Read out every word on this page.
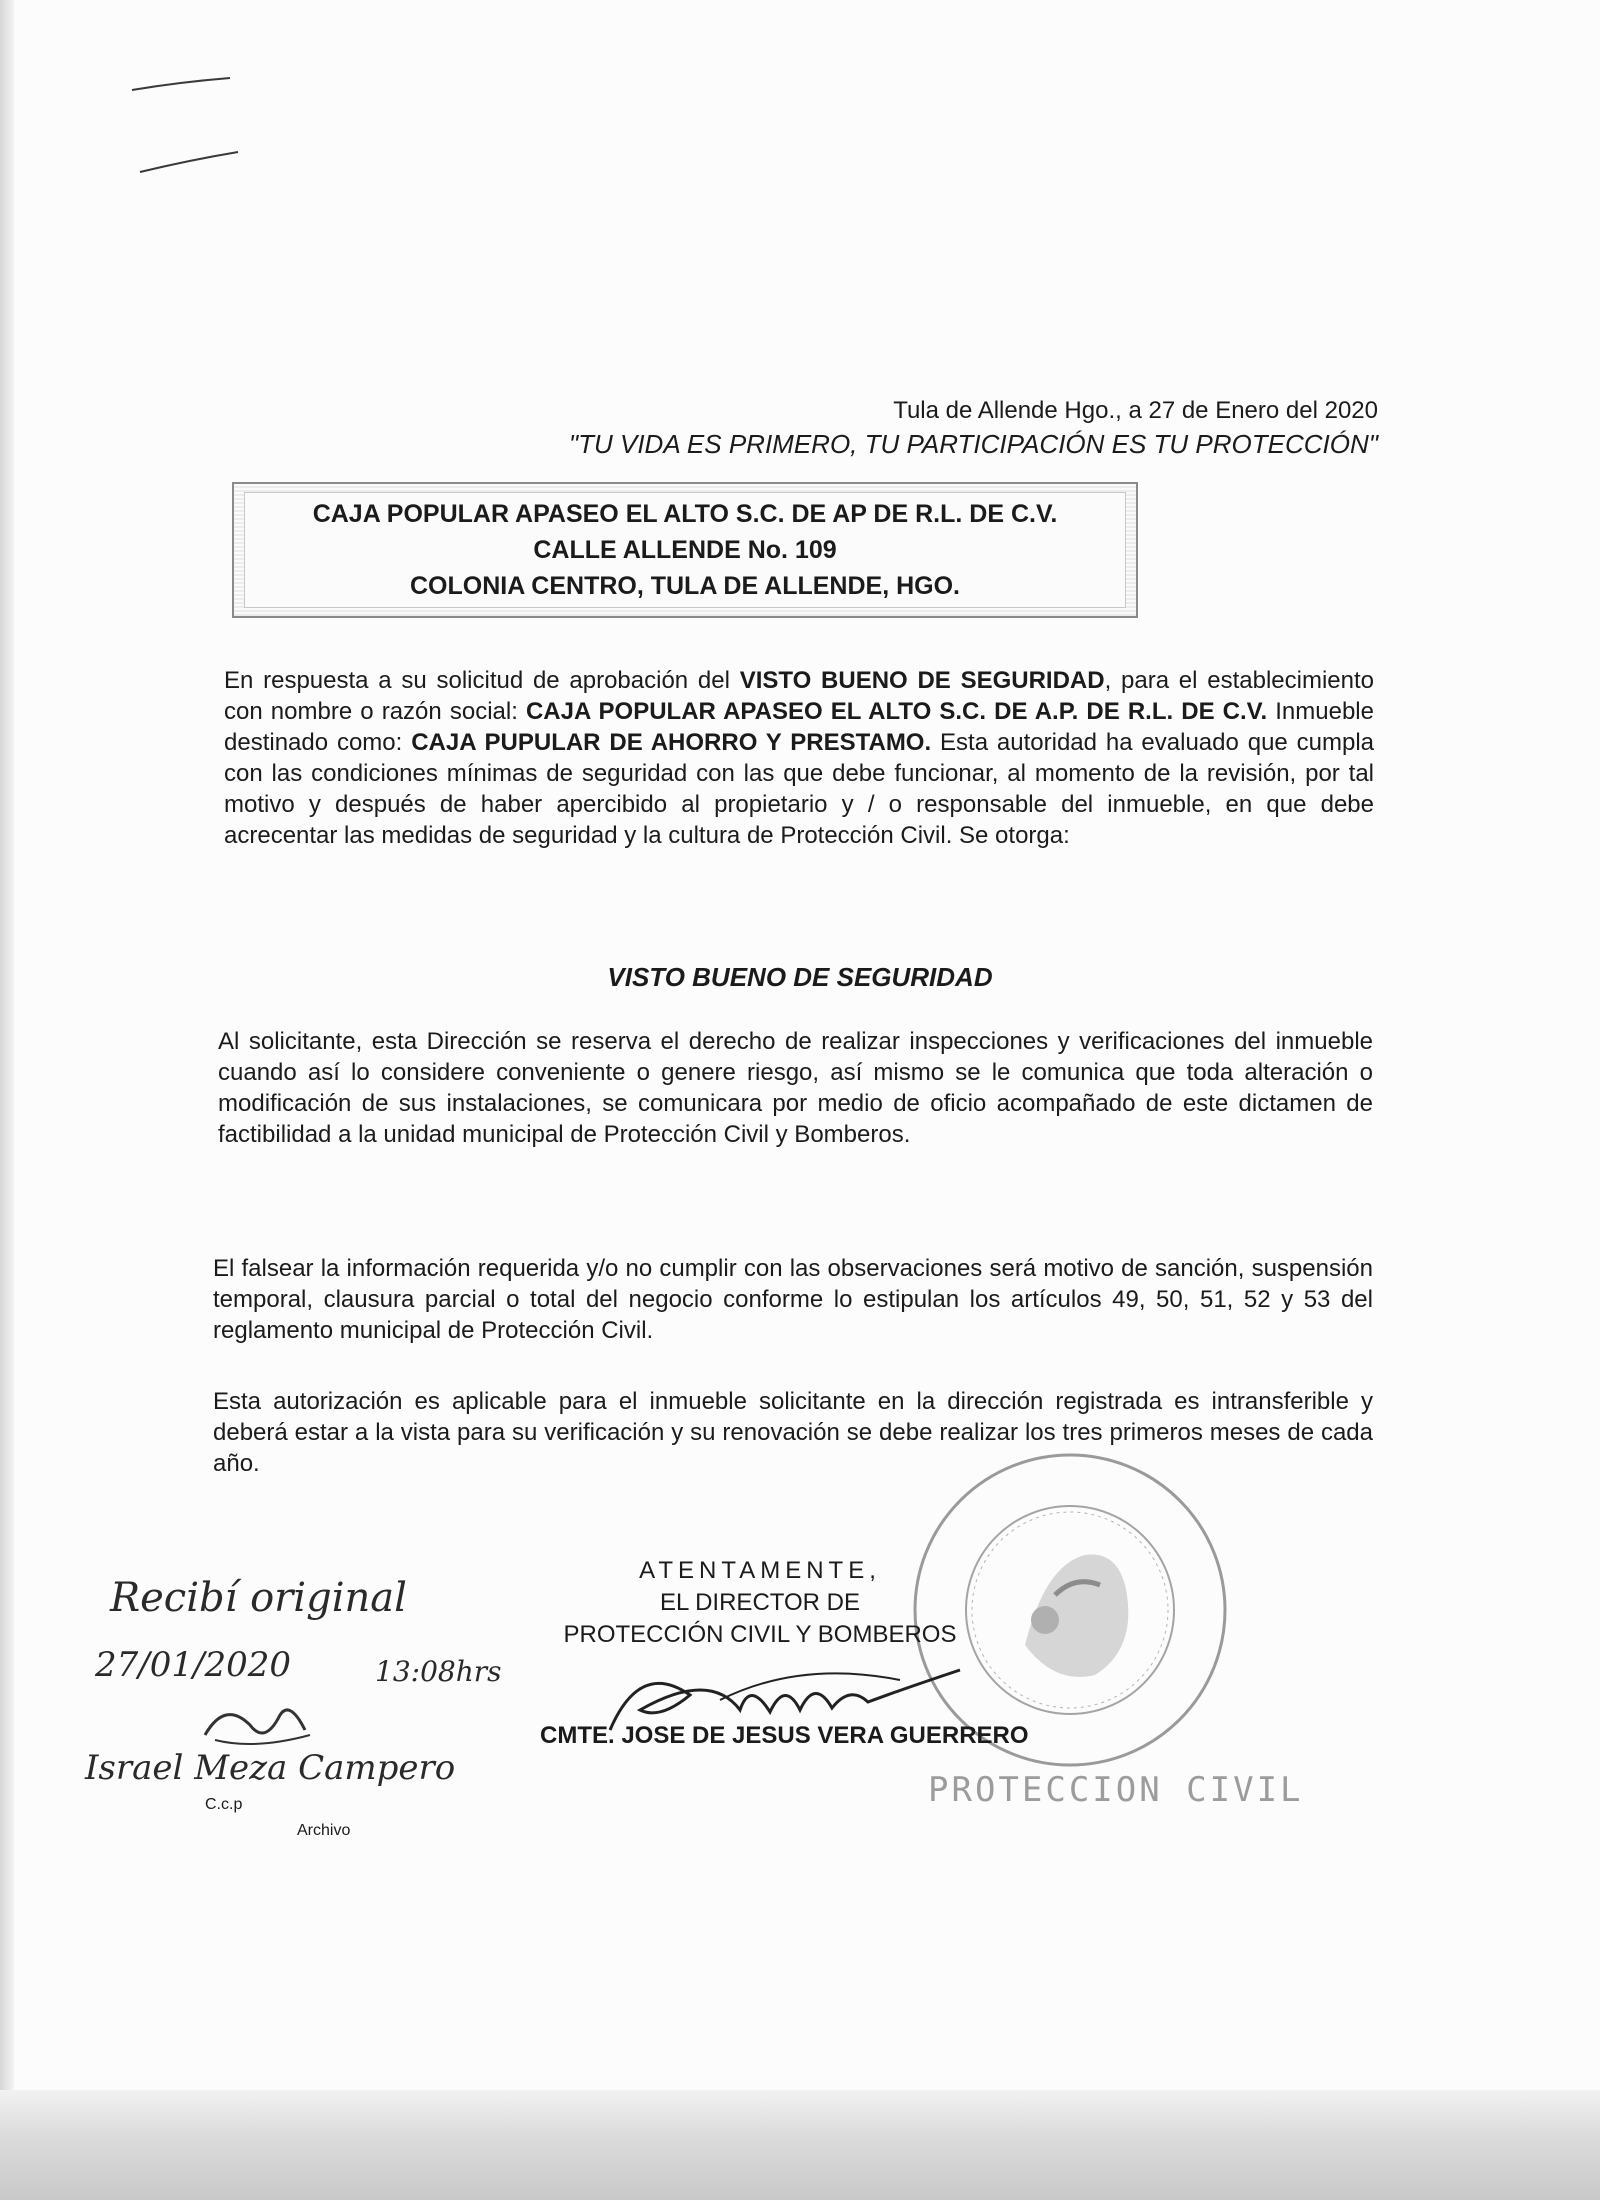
Tula de Allende Hgo., a 27 de Enero del 2020
"TU VIDA ES PRIMERO, TU PARTICIPACIÓN ES TU PROTECCIÓN"
CAJA POPULAR APASEO EL ALTO S.C. DE AP DE R.L. DE C.V.
CALLE ALLENDE No. 109
COLONIA CENTRO, TULA DE ALLENDE, HGO.
En respuesta a su solicitud de aprobación del VISTO BUENO DE SEGURIDAD, para el establecimiento con nombre o razón social: CAJA POPULAR APASEO EL ALTO S.C. DE A.P. DE R.L. DE C.V. Inmueble destinado como: CAJA PUPULAR DE AHORRO Y PRESTAMO. Esta autoridad ha evaluado que cumpla con las condiciones mínimas de seguridad con las que debe funcionar, al momento de la revisión, por tal motivo y después de haber apercibido al propietario y / o responsable del inmueble, en que debe acrecentar las medidas de seguridad y la cultura de Protección Civil. Se otorga:
VISTO BUENO DE SEGURIDAD
Al solicitante, esta Dirección se reserva el derecho de realizar inspecciones y verificaciones del inmueble cuando así lo considere conveniente o genere riesgo, así mismo se le comunica que toda alteración o modificación de sus instalaciones, se comunicara por medio de oficio acompañado de este dictamen de factibilidad a la unidad municipal de Protección Civil y Bomberos.
El falsear la información requerida y/o no cumplir con las observaciones será motivo de sanción, suspensión temporal, clausura parcial o total del negocio conforme lo estipulan los artículos 49, 50, 51, 52 y 53 del reglamento municipal de Protección Civil.
Esta autorización es aplicable para el inmueble solicitante en la dirección registrada es intransferible y deberá estar a la vista para su verificación y su renovación se debe realizar los tres primeros meses de cada año.
PROTECCION CIVIL
ATENTAMENTE,
EL DIRECTOR DE
PROTECCIÓN CIVIL Y BOMBEROS
CMTE. JOSE DE JESUS VERA GUERRERO
Recibí original
27/01/2020	13:08hrs
Israel Meza Campero
C.c.p
Archivo
